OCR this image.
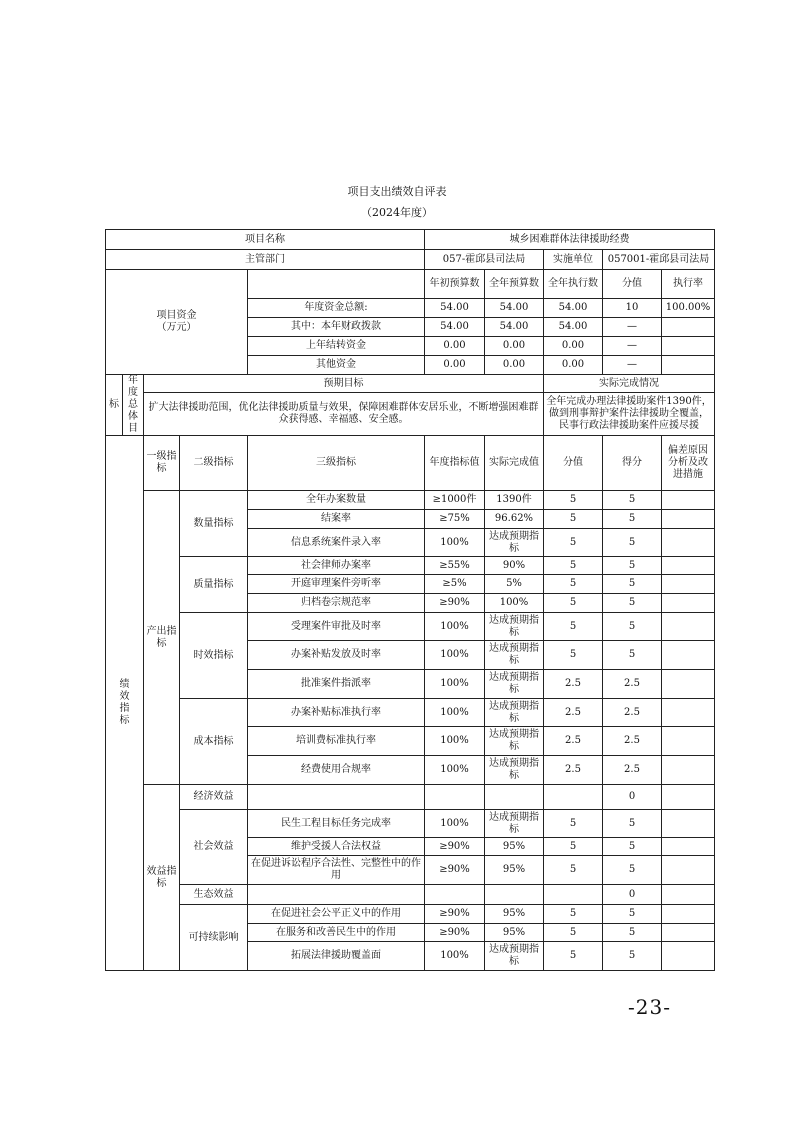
项目支出绩效自评表
（2024年度）
项目名称					城乡困难群体法律援助经费					
主管部门					057-霍邱县司法局		实施单位	057001-霍邱县司法局		
项目资金
（万元）					年初预算数	全年预算数	全年执行数	分值	执行率	
				年度资金总额:	54.00	54.00	54.00	10	100.00%	
				其中：本年财政拨款	54.00	54.00	54.00	—		
				上年结转资金	0.00	0.00	0.00	—		
				其他资金	0.00	0.00	0.00	—		
标	年度总体目	预期目标					实际完成情况			
		扩大法律援助范围，优化法律援助质量与效果，保障困难群体安居乐业，不断增强困难群众获得感、幸福感、安全感。					全年完成办理法律援助案件1390件，做到刑事辩护案件法律援助全覆盖，民事行政法律援助案件应援尽援			
绩效指标		一级指标	二级指标	三级指标	年度指标值	实际完成值	分值	得分	偏差原因分析及改进措施	
		产出指标	数量指标	全年办案数量	≥1000件	1390件	5	5		
				结案率	≥75%	96.62%	5	5		
				信息系统案件录入率	100%	达成预期指标	5	5		
			质量指标	社会律师办案率	≥55%	90%	5	5		
				开庭审理案件旁听率	≥5%	5%	5	5		
				归档卷宗规范率	≥90%	100%	5	5		
			时效指标	受理案件审批及时率	100%	达成预期指标	5	5		
				办案补贴发放及时率	100%	达成预期指标	5	5		
				批准案件指派率	100%	达成预期指标	2.5	2.5		
			成本指标	办案补贴标准执行率	100%	达成预期指标	2.5	2.5		
				培训费标准执行率	100%	达成预期指标	2.5	2.5		
				经费使用合规率	100%	达成预期指标	2.5	2.5		
		效益指标	经济效益					0		
			社会效益	民生工程目标任务完成率	100%	达成预期指标	5	5		
				维护受援人合法权益	≥90%	95%	5	5		
				在促进诉讼程序合法性、完整性中的作用	≥90%	95%	5	5		
			生态效益					0		
			可持续影响	在促进社会公平正义中的作用	≥90%	95%	5	5		
				在服务和改善民生中的作用	≥90%	95%	5	5		
				拓展法律援助覆盖面	100%	达成预期指标	5	5		
-23-
